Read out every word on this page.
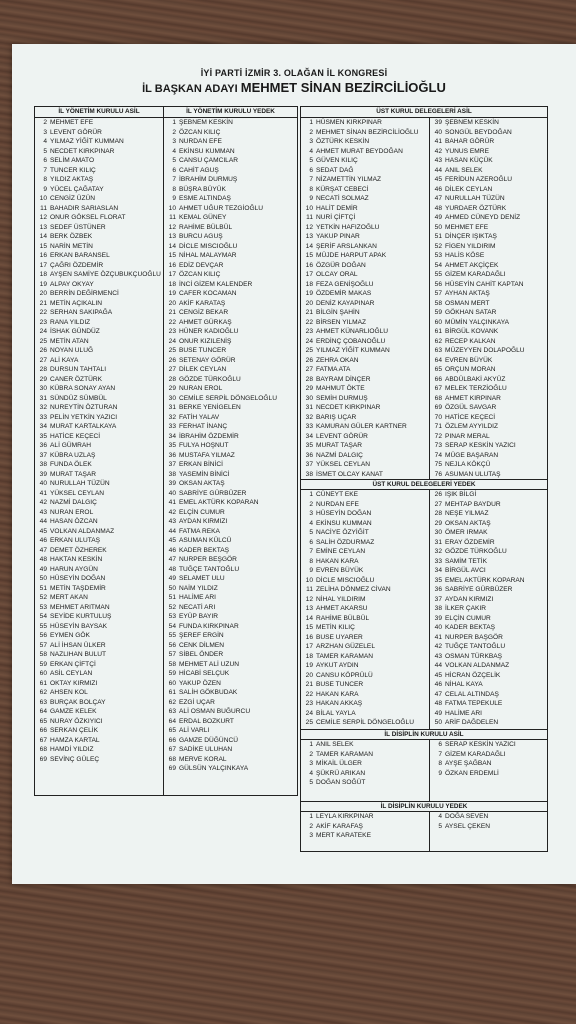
İYİ PARTİ İZMİR 3. OLAĞAN İL KONGRESİ
İL BAŞKAN ADAYI MEHMET SİNAN BEZİRCİLİOĞLU
İL YÖNETİM KURULU ASİL
2 MEHMET EFE
3 LEVENT GÖRÜR
4 YILMAZ YİĞİT KUMMAN
5 NECDET KIRKPINAR
6 SELİM AMATO
7 TUNCER KILIÇ
8 YILDIZ AKTAŞ
9 YÜCEL ÇAĞATAY
10 CENGİZ ÜZÜN
11 BAHADIR SARIASLAN
12 ONUR GÖKSEL FLORAT
13 SEDEF ÜSTÜNER
14 BERK ÖZBEK
15 NARİN METİN
16 ERKAN BARANSEL
17 ÇAĞRI ÖZDEMİR
18 AYŞEN SAMİYE ÖZÇUBUKÇUOĞLU
19 ALPAY OKYAY
20 BERRİN DEĞİRMENCİ
21 METİN AÇIKALIN
22 SERHAN SAKIPAĞA
23 RANA YILDIZ
24 İSHAK GÜNDÜZ
25 METİN ATAN
26 NOYAN ULUĞ
27 ALİ KAYA
28 DURSUN TAHTALI
29 CANER ÖZTÜRK
30 KÜBRA SONAY AYAN
31 SÜNDÜZ SÜMBÜL
32 NUREYTİN ÖZTURAN
33 PELİN YETKİN YAZICI
34 MURAT KARTALKAYA
35 HATİCE KEÇECİ
36 ALİ GÜMRAH
37 KÜBRA UZLAŞ
38 FUNDA ÖLEK
39 MURAT TAŞAR
40 NURULLAH TÜZÜN
41 YÜKSEL CEYLAN
42 NAZMİ DALGIÇ
43 NURAN EROL
44 HASAN ÖZCAN
45 VOLKAN ALDANMAZ
46 ERKAN ULUTAŞ
47 DEMET ÖZHEREK
48 HAKTAN KESKİN
49 HARUN AYGÜN
50 HÜSEYİN DOĞAN
51 METİN TAŞDEMİR
52 MERT AKAN
53 MEHMET ARITMAN
54 SEYİDE KURTULUŞ
55 HÜSEYİN BAYSAK
56 EYMEN GÖK
57 ALİ İHSAN ÜLKER
58 NAZLIHAN BULUT
59 ERKAN ÇİFTÇİ
60 ASİL CEYLAN
61 OKTAY KIRMIZI
62 AHSEN KOL
63 BURÇAK BOLÇAY
64 GAMZE KELEK
65 NURAY ÖZKIYICI
66 SERKAN ÇELİK
67 HAMZA KARTAL
68 HAMDİ YILDIZ
69 SEVİNÇ GÜLEÇ
İL YÖNETİM KURULU YEDEK
1 ŞEBNEM KESKİN
2 ÖZCAN KILIÇ
3 NURDAN EFE
4 EKİNSU KUMMAN
5 CANSU ÇAMCILAR
6 CAHİT AGUŞ
7 İBRAHİM DURMUŞ
8 BÜŞRA BÜYÜK
9 ESME ALTINDAŞ
10 AHMET UĞUR TEZGİOĞLU
11 KEMAL GÜNEY
12 RAHİME BÜLBÜL
13 BURCU AGUŞ
14 DİCLE MISCIOĞLU
15 NİHAL MALAYMAR
16 EDİZ DEVÇAR
17 ÖZCAN KILIÇ
18 İNCİ GİZEM KALENDER
19 CAFER KOCAMAN
20 AKİF KARATAŞ
21 CENGİZ BEKAR
22 AHMET GÜRKAŞ
23 HÜNER KADIOĞLU
24 ONUR KIZILENİŞ
25 BUSE TUNCER
26 SETENAY GÖRÜR
27 DİLEK CEYLAN
28 GÖZDE TÜRKOĞLU
29 NURAN EROL
30 CEMİLE SERPİL DÖNGELOĞLU
31 BERKE YENİGELEN
32 FATİH YALAV
33 FERHAT İNANÇ
34 İBRAHİM ÖZDEMİR
35 FULYA HOŞNUT
36 MUSTAFA YILMAZ
37 ERKAN BİNİCİ
38 YASEMİN BİNİCİ
39 OKSAN AKTAŞ
40 SABRİYE GÜRBÜZER
41 EMEL AKTÜRK KOPARAN
42 ELÇİN CUMUR
43 AYDAN KIRMIZI
44 FATMA REKA
45 ASUMAN KÜLCÜ
46 KADER BEKTAŞ
47 NURPER BEŞGÖR
48 TUĞÇE TANTOĞLU
49 SELAMET ULU
50 NAİM YILDIZ
51 HALİME ARI
52 NECATİ ARI
53 EYÜP BAYIR
54 FUNDA KIRKPINAR
55 ŞEREF ERGİN
56 CENK DİLMEN
57 SİBEL ÖNDER
58 MEHMET ALİ UZUN
59 HİCABİ SELÇUK
60 YAKUP ÖZEN
61 SALİH GÖKBUDAK
62 EZGİ UÇAR
63 ALİ OSMAN BUĞURCU
64 ERDAL BOZKURT
65 ALİ VARLI
66 GAMZE DÜĞÜNCÜ
67 SADİKE ULUHAN
68 MERVE KORAL
69 GÜLSÜN YALÇINKAYA
ÜST KURUL DELEGELERİ ASİL
1 HÜSMEN KIRKPINAR
2 MEHMET SİNAN BEZİRCİLİOĞLU
3 ÖZTÜRK KESKİN
4 AHMET MURAT BEYDOĞAN
5 GÜVEN KILIÇ
6 SEDAT DAĞ
7 NİZAMETTİN YILMAZ
8 KÜRŞAT CEBECİ
9 NECATİ SOLMAZ
10 HALİT DEMİR
11 NURİ ÇİFTÇİ
12 YETKİN HAFIZOĞLU
13 YAKUP PINAR
14 ŞERİF ARSLANKAN
15 MÜJDE HARPUT APAK
16 ÖZGÜR DOĞAN
17 OLCAY ORAL
18 FEZA GENİŞOĞLU
19 ÖZDEMİR MAKAS
20 DENİZ KAYAPINAR
21 BİLGİN ŞAHİN
22 BİRSEN YILMAZ
23 AHMET KÜNARLIOĞLU
24 ERDİNÇ ÇOBANOĞLU
25 YILMAZ YİĞİT KUMMAN
26 ZEHRA OKAN
27 FATMA ATA
28 BAYRAM DİNÇER
29 MAHMUT ÖKTE
30 SEMİH DURMUŞ
31 NECDET KIRKPINAR
32 BARIŞ UÇAR
33 KAMURAN GÜLER KARTNER
34 LEVENT GÖRÜR
35 MURAT TAŞAR
36 NAZMİ DALGIÇ
37 YÜKSEL CEYLAN
38 İSMET OLCAY KANAT
39 ŞEBNEM KESKİN
40 SONGÜL BEYDOĞAN
41 BAHAR GÖRÜR
42 YUNUS EMRE
43 HASAN KÜÇÜK
44 ANIL SELEK
45 FERİDUN AZEROĞLU
46 DİLEK CEYLAN
47 NURULLAH TÜZÜN
48 YURDAER ÖZTÜRK
49 AHMED CÜNEYD DENİZ
50 MEHMET EFE
51 DİNÇER IŞIKTAŞ
52 FİGEN YILDIRIM
53 HALİS KÖSE
54 AHMET AKÇİÇEK
55 GİZEM KARADAĞLI
56 HÜSEYİN CAHİT KAPTAN
57 AYHAN AKTAŞ
58 OSMAN MERT
59 GÖKHAN SATAR
60 MÜMİN YALÇINKAYA
61 BİRGÜL KOVANK
62 RECEP KALKAN
63 MÜZEYYEN DOLAPOĞLU
64 EVREN BÜYÜK
65 ORÇUN MORAN
66 ABDÜLBAKİ AKYÜZ
67 MELEK TERZİOĞLU
68 AHMET KIRPINAR
69 ÖZGÜL SAVGAR
70 HATİCE KEÇECİ
71 ÖZLEM AYYILDIZ
72 PINAR MERAL
73 SERAP KESKİN YAZICI
74 MÜGE BAŞARAN
75 NEJLA KÖKÇÜ
76 ASUMAN ULUTAŞ
ÜST KURUL DELEGELERİ YEDEK
1 CÜNEYT EKE
2 NURDAN EFE
3 HÜSEYİN DOĞAN
4 EKİNSU KUMMAN
5 NACİYE ÖZYİĞİT
6 SALİH ÖZDURMAZ
7 EMİNE CEYLAN
8 HAKAN KARA
9 EVREN BÜYÜK
10 DİCLE MISCIOĞLU
11 ZELİHA DÖNMEZ CİVAN
12 NİHAL YILDIRIM
13 AHMET AKARSU
14 RAHİME BÜLBÜL
15 METİN KILIÇ
16 BUSE UYARER
17 ARZHAN GÜZELEL
18 TAMER KARAMAN
19 AYKUT AYDIN
20 CANSU KÖPRÜLÜ
21 BUSE TUNCER
22 HAKAN KARA
23 HAKAN AKKAŞ
24 BİLAL YAYLA
25 CEMİLE SERPİL DÖNGELOĞLU
26 IŞIK BİLGİ
27 MEHTAP BAYDUR
28 NEŞE YILMAZ
29 OKSAN AKTAŞ
30 ÖMER IRMAK
31 ERAY ÖZDEMİR
32 GÖZDE TÜRKOĞLU
33 SAMİM TETİK
34 BİRGÜL AVCI
35 EMEL AKTÜRK KOPARAN
36 SABRİYE GÜRBÜZER
37 AYDAN KIRMIZI
38 İLKER ÇAKIR
39 ELÇİN CUMUR
40 KADER BEKTAŞ
41 NURPER BAŞGÖR
42 TUĞÇE TANTOĞLU
43 OSMAN TÜRKBAŞ
44 VOLKAN ALDANMAZ
45 HİCRAN ÖZÇELİK
46 NİHAL KAYA
47 CELAL ALTINDAŞ
48 FATMA TEPEKULE
49 HALİME ARI
50 ARİF DAĞDELEN
İL DİSİPLİN KURULU ASİL
1 ANIL SELEK
2 TAMER KARAMAN
3 MİKAİL ÜLGER
4 ŞÜKRÜ ARIKAN
5 DOĞAN SOĞÜT
6 SERAP KESKİN YAZICI
7 GİZEM KARADAĞLI
8 AYŞE ŞAĞBAN
9 ÖZKAN ERDEMLİ
İL DİSİPLİN KURULU YEDEK
1 LEYLA KIRKPINAR
2 AKİF KARAFAŞ
3 MERT KARATEKE
4 DOĞA SEVEN
5 AYSEL ÇEKEN
